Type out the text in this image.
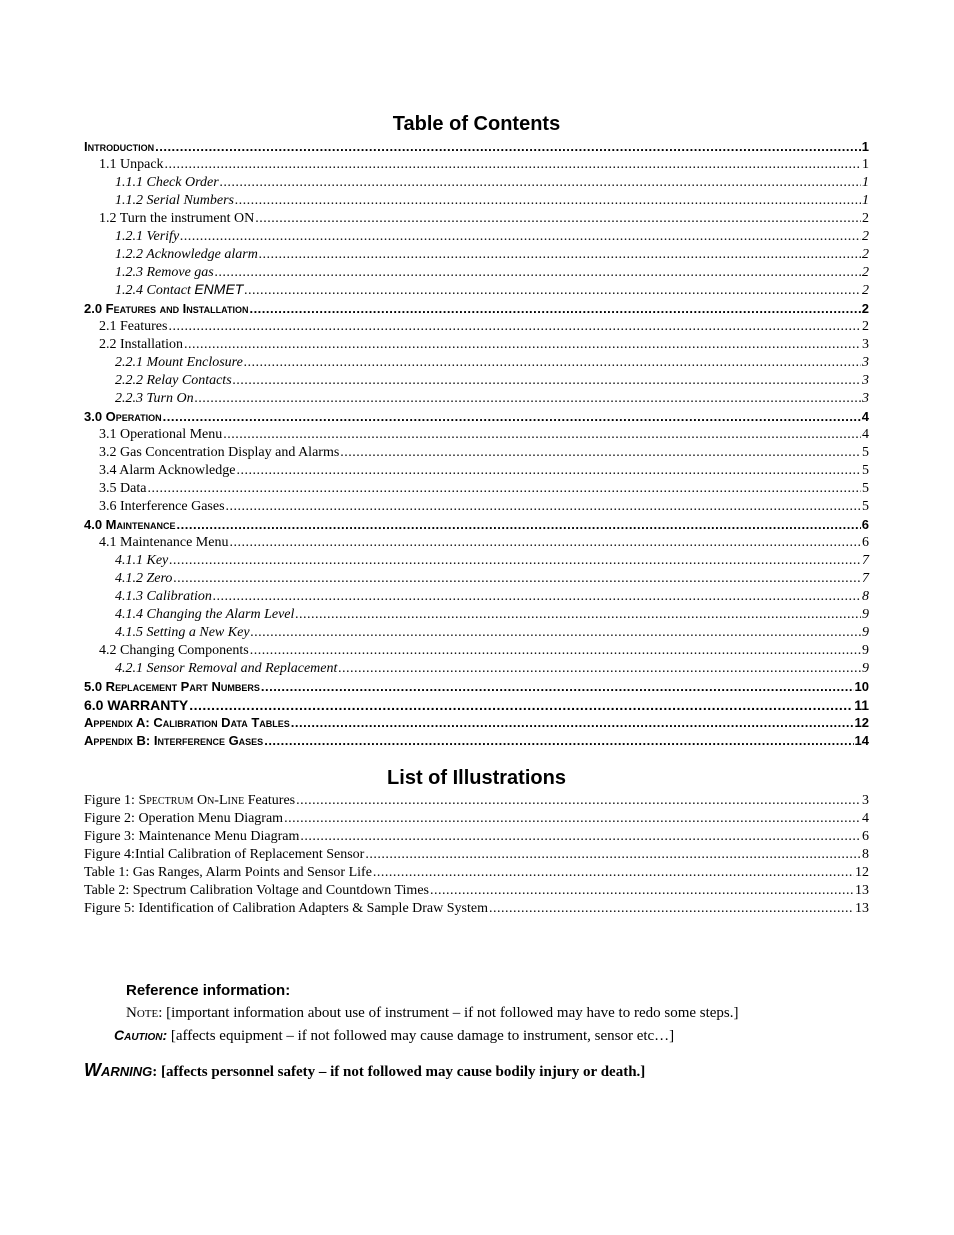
Table of Contents
Introduction .....	1
1.1 Unpack .....	1
1.1.1 Check Order .....	1
1.1.2 Serial Numbers .....	1
1.2 Turn the instrument ON .....	2
1.2.1 Verify .....	2
1.2.2 Acknowledge alarm .....	2
1.2.3 Remove gas .....	2
1.2.4 Contact ENMET .....	2
2.0 Features and Installation .....	2
2.1 Features .....	2
2.2 Installation .....	3
2.2.1 Mount Enclosure .....	3
2.2.2 Relay Contacts .....	3
2.2.3 Turn On .....	3
3.0 Operation .....	4
3.1 Operational Menu .....	4
3.2 Gas Concentration Display and Alarms .....	5
3.4 Alarm Acknowledge .....	5
3.5 Data .....	5
3.6 Interference Gases .....	5
4.0 Maintenance .....	6
4.1 Maintenance Menu .....	6
4.1.1 Key .....	7
4.1.2 Zero .....	7
4.1.3 Calibration .....	8
4.1.4 Changing the Alarm Level .....	9
4.1.5 Setting a New Key .....	9
4.2 Changing Components .....	9
4.2.1 Sensor Removal and Replacement .....	9
5.0 Replacement Part Numbers .....	10
6.0 WARRANTY .....	11
Appendix A: Calibration Data Tables .....	12
Appendix B: Interference Gases .....	14
List of Illustrations
Figure 1: Spectrum On-Line Features .....	3
Figure 2: Operation Menu Diagram .....	4
Figure 3: Maintenance Menu Diagram .....	6
Figure 4:Intial Calibration of Replacement Sensor .....	8
Table 1: Gas Ranges, Alarm Points and Sensor Life .....	12
Table 2: Spectrum Calibration Voltage and Countdown Times .....	13
Figure 5: Identification of Calibration Adapters & Sample Draw System .....	13
Reference information:
Note: [important information about use of instrument – if not followed may have to redo some steps.]
Caution: [affects equipment – if not followed may cause damage to instrument, sensor etc…]
Warning: [affects personnel safety – if not followed may cause bodily injury or death.]
